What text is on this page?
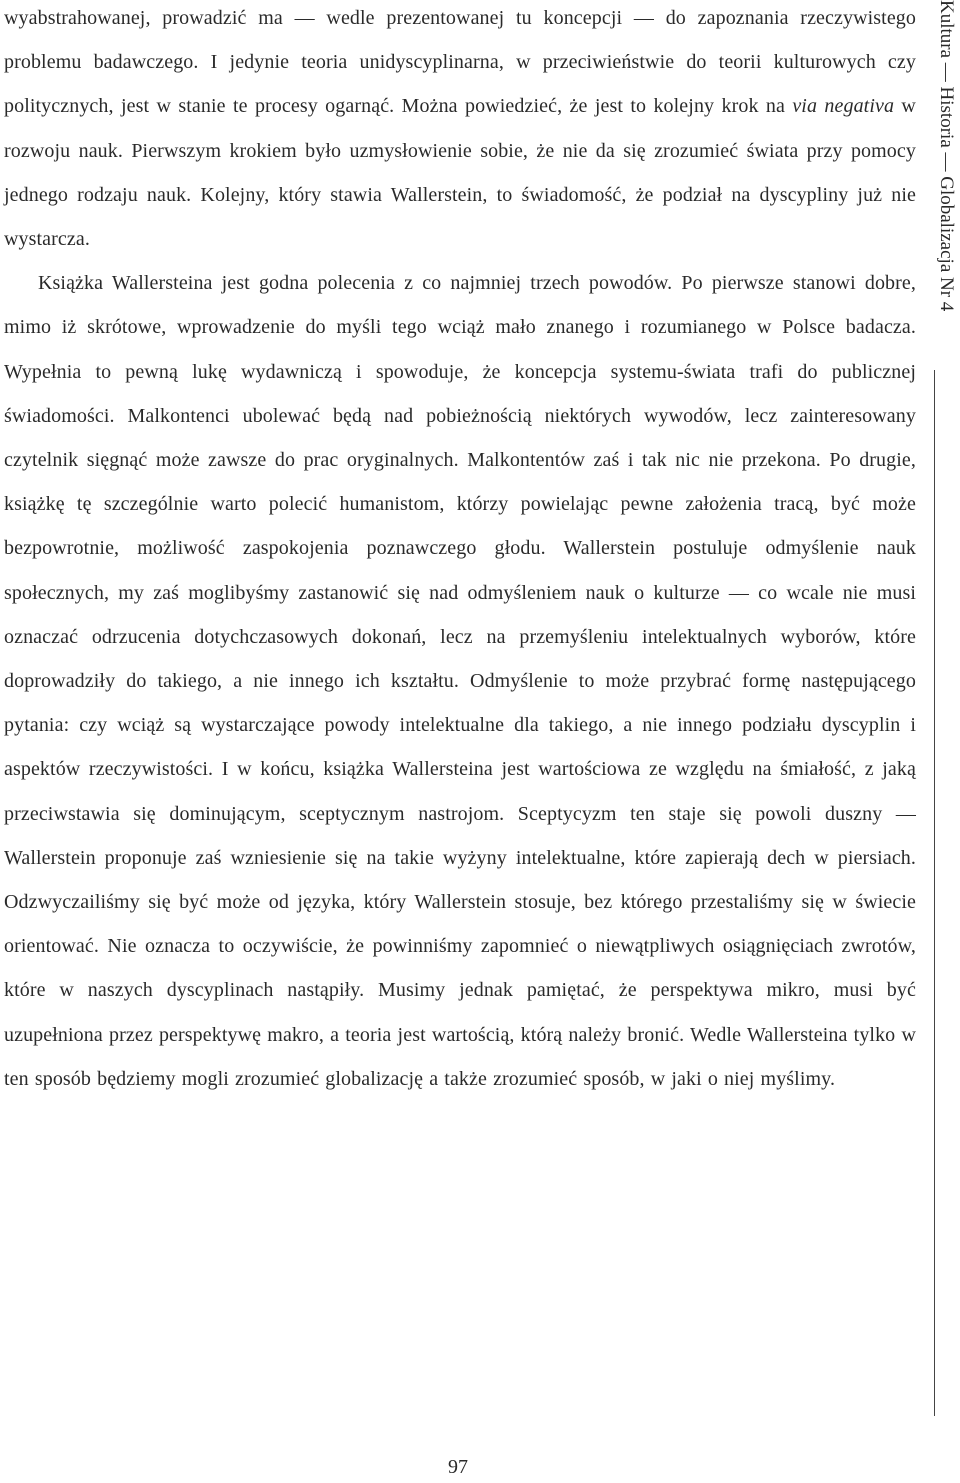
wyabstrahowanej, prowadzić ma — wedle prezentowanej tu koncepcji — do zapoznania rzeczywistego problemu badawczego. I jedynie teoria unidyscyplinarna, w przeciwieństwie do teorii kulturowych czy politycznych, jest w stanie te procesy ogarnąć. Można powiedzieć, że jest to kolejny krok na via negativa w rozwoju nauk. Pierwszym krokiem było uzmysłowienie sobie, że nie da się zrozumieć świata przy pomocy jednego rodzaju nauk. Kolejny, który stawia Wallerstein, to świadomość, że podział na dyscypliny już nie wystarcza.

Książka Wallersteina jest godna polecenia z co najmniej trzech powodów. Po pierwsze stanowi dobre, mimo iż skrótowe, wprowadzenie do myśli tego wciąż mało znanego i rozumianego w Polsce badacza. Wypełnia to pewną lukę wydawniczą i spowoduje, że koncepcja systemu-świata trafi do publicznej świadomości. Malkontenci ubolewać będą nad pobieżnością niektórych wywodów, lecz zainteresowany czytelnik sięgnąć może zawsze do prac oryginalnych. Malkontentów zaś i tak nic nie przekona. Po drugie, książkę tę szczególnie warto polecić humanistom, którzy powielając pewne założenia tracą, być może bezpowrotnie, możliwość zaspokojenia poznawczego głodu. Wallerstein postuluje odmyślenie nauk społecznych, my zaś moglibyśmy zastanowić się nad odmyśleniem nauk o kulturze — co wcale nie musi oznaczać odrzucenia dotychczasowych dokonań, lecz na przemyśleniu intelektualnych wyborów, które doprowadziły do takiego, a nie innego ich kształtu. Odmyślenie to może przybrać formę następującego pytania: czy wciąż są wystarczające powody intelektualne dla takiego, a nie innego podziału dyscyplin i aspektów rzeczywistości. I w końcu, książka Wallersteina jest wartościowa ze względu na śmiałość, z jaką przeciwstawia się dominującym, sceptycznym nastrojom. Sceptycyzm ten staje się powoli duszny — Wallerstein proponuje zaś wzniesienie się na takie wyżyny intelektualne, które zapierają dech w piersiach. Odzwyczailiśmy się być może od języka, który Wallerstein stosuje, bez którego przestaliśmy się w świecie orientować. Nie oznacza to oczywiście, że powinniśmy zapomnieć o niewątpliwych osiągnięciach zwrotów, które w naszych dyscyplinach nastąpiły. Musimy jednak pamiętać, że perspektywa mikro, musi być uzupełniona przez perspektywę makro, a teoria jest wartością, którą należy bronić. Wedle Wallersteina tylko w ten sposób będziemy mogli zrozumieć globalizację a także zrozumieć sposób, w jaki o niej myślimy.

Kultura — Historia — Globalizacja Nr 4
97
